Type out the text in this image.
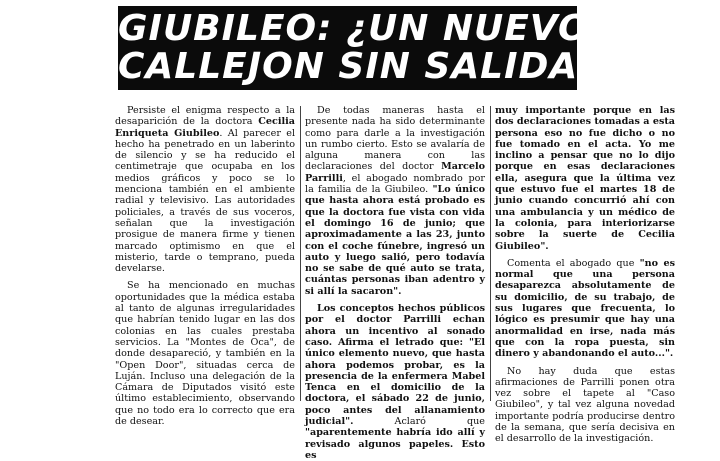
GIUBILEO: ¿UN NUEVO
CALLEJON SIN SALIDA?

Persiste el enigma respecto a la desaparición de la doctora Cecilia Enriqueta Giubileo. Al parecer el hecho ha penetrado en un laberinto de silencio y se ha reducido el centimetraje que ocupaba en los medios gráficos y poco se lo menciona también en el ambiente radial y televisivo. Las autoridades policiales, a través de sus voceros, señalan que la investigación prosigue de manera firme y tienen marcado optimismo en que el misterio, tarde o temprano, pueda develarse.

Se ha mencionado en muchas oportunidades que la médica estaba al tanto de algunas irregularidades que habrían tenido lugar en las dos colonias en las cuales prestaba servicios. La "Montes de Oca", de donde desapareció, y también en la "Open Door", situadas cerca de Luján. Incluso una delegación de la Cámara de Diputados visitó este último establecimiento, observando que no todo era lo correcto que era de desear.

De todas maneras hasta el presente nada ha sido determinante como para darle a la investigación un rumbo cierto. Esto se avalaría de alguna manera con las declaraciones del doctor Marcelo Parrilli, el abogado nombrado por la familia de la Giubileo. "Lo único que hasta ahora está probado es que la doctora fue vista con vida el domingo 16 de junio; que aproximadamente a las 23, junto con el coche fúnebre, ingresó un auto y luego salió, pero todavía no se sabe de qué auto se trata, cuántas personas iban adentro y si allí la sacaron".

Los conceptos hechos públicos por el doctor Parrilli echan ahora un incentivo al sonado caso. Afirma el letrado que: "El único elemento nuevo, que hasta ahora podemos probar, es la presencia de la enfermera Mabel Tenca en el domicilio de la doctora, el sábado 22 de junio, poco antes del allanamiento judicial". Aclaró que "aparentemente habría ido allí y revisado algunos papeles. Esto es

muy importante porque en las dos declaraciones tomadas a esta persona eso no fue dicho o no fue tomado en el acta. Yo me inclino a pensar que no lo dijo porque en esas declaraciones ella, asegura que la última vez que estuvo fue el martes 18 de junio cuando concurrió ahí con una ambulancia y un médico de la colonia, para interiorizarse sobre la suerte de Cecilia Giubileo".

Comenta el abogado que "no es normal que una persona desaparezca absolutamente de su domicilio, de su trabajo, de sus lugares que frecuenta, lo lógico es presumir que hay una anormalidad en irse, nada más que con la ropa puesta, sin dinero y abandonando el auto...".

No hay duda que estas afirmaciones de Parrilli ponen otra vez sobre el tapete al "Caso Giubileo", y tal vez alguna novedad importante podría producirse dentro de la semana, que sería decisiva en el desarrollo de la investigación.
